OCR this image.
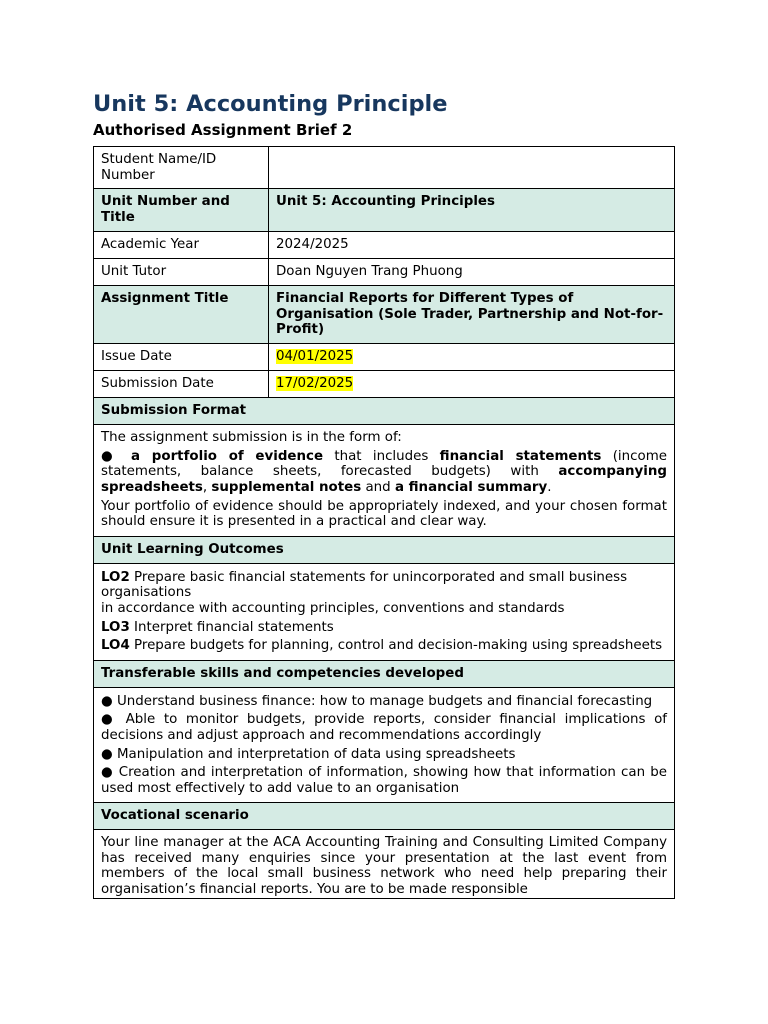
Unit 5: Accounting Principle
Authorised Assignment Brief 2
Student Name/ID Number	
Unit Number and Title	Unit 5: Accounting Principles
Academic Year	2024/2025
Unit Tutor	Doan Nguyen Trang Phuong
Assignment Title	Financial Reports for Different Types of Organisation (Sole Trader, Partnership and Not-for-Profit)
Issue Date	04/01/2025
Submission Date	17/02/2025
Submission Format	

The assignment submission is in the form of:

● a portfolio of evidence that includes financial statements (income statements, balance sheets, forecasted budgets) with accompanying spreadsheets, supplemental notes and a financial summary.

Your portfolio of evidence should be appropriately indexed, and your chosen format should ensure it is presented in a practical and clear way.	

Unit Learning Outcomes	

LO2 Prepare basic financial statements for unincorporated and small business organisations
in accordance with accounting principles, conventions and standards

LO3 Interpret financial statements

LO4 Prepare budgets for planning, control and decision-making using spreadsheets	

Transferable skills and competencies developed	

● Understand business finance: how to manage budgets and financial forecasting

● Able to monitor budgets, provide reports, consider financial implications of decisions and adjust approach and recommendations accordingly

● Manipulation and interpretation of data using spreadsheets

● Creation and interpretation of information, showing how that information can be used most effectively to add value to an organisation	

Vocational scenario	

Your line manager at the ACA Accounting Training and Consulting Limited Company has received many enquiries since your presentation at the last event from members of the local small business network who need help preparing their organisation’s financial reports. You are to be made responsible	
